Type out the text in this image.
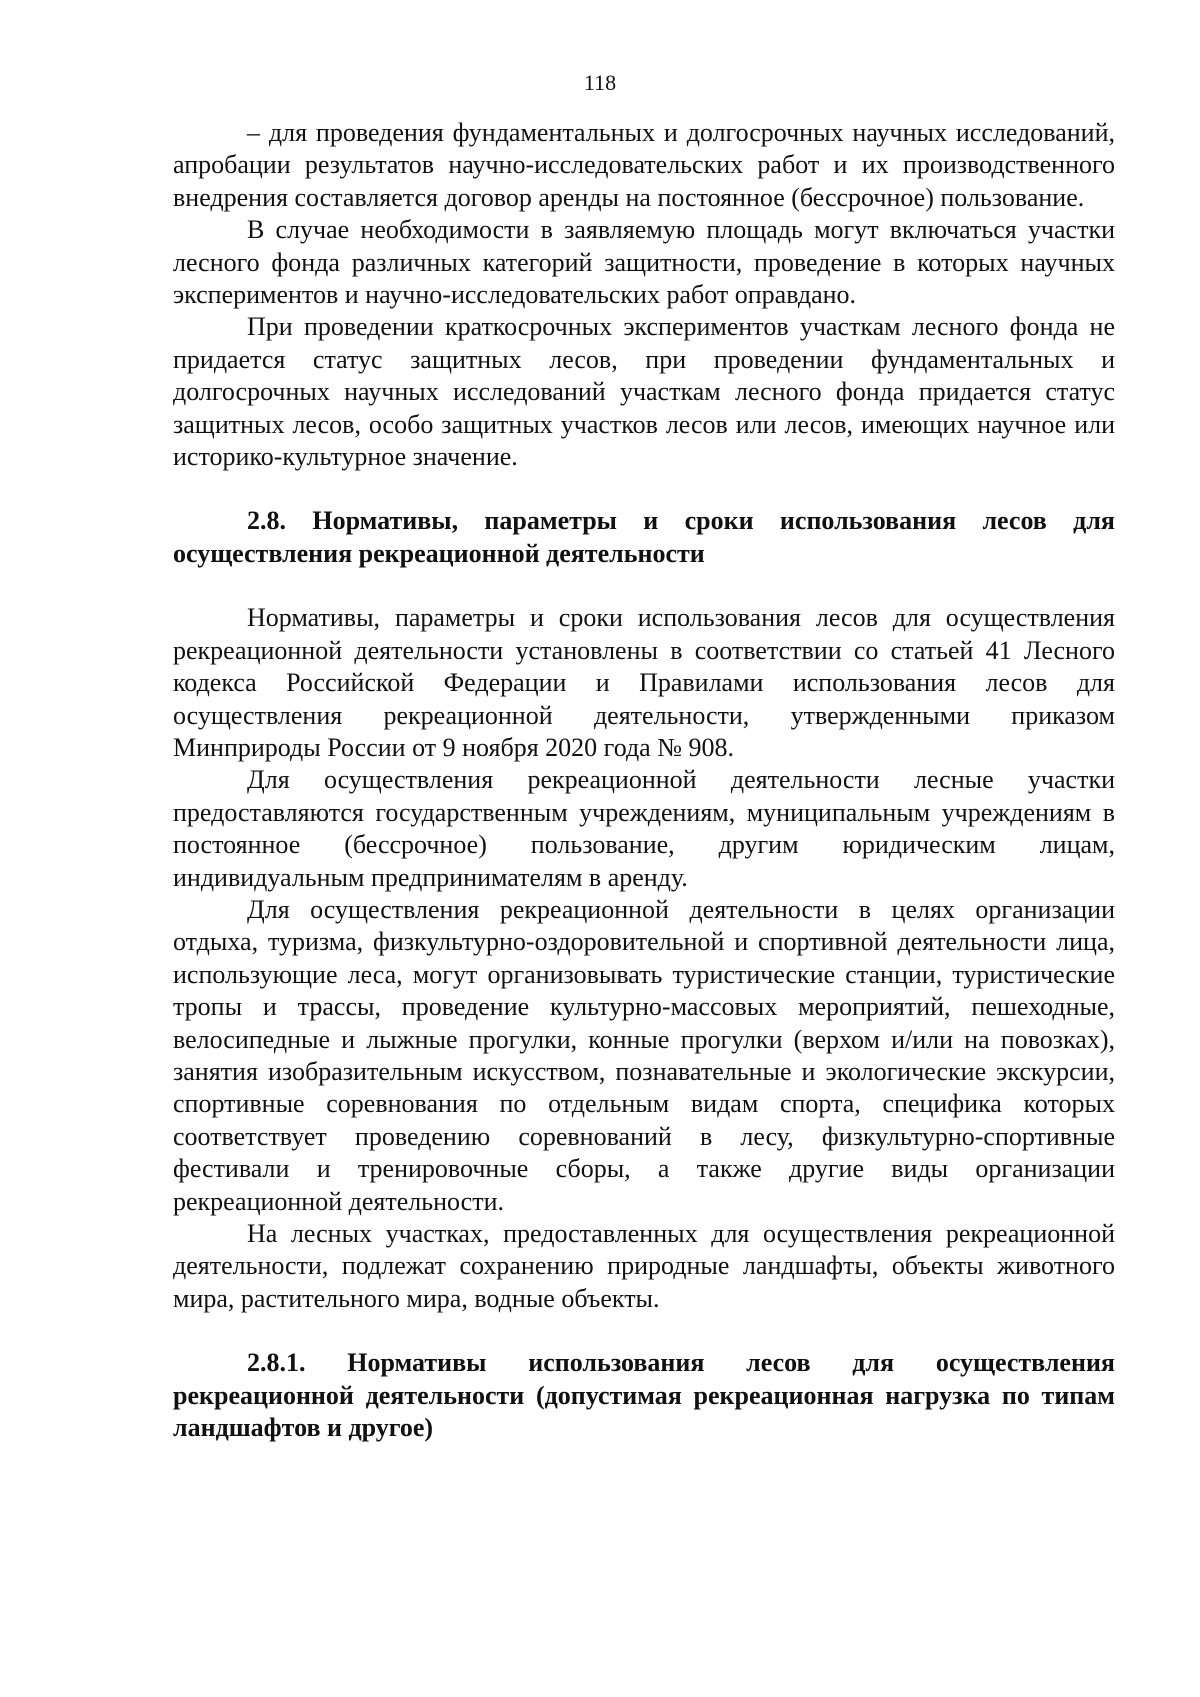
118

– для проведения фундаментальных и долгосрочных научных исследований, апробации результатов научно-исследовательских работ и их производственного внедрения составляется договор аренды на постоянное (бессрочное) пользование.

В случае необходимости в заявляемую площадь могут включаться участки лесного фонда различных категорий защитности, проведение в которых научных экспериментов и научно-исследовательских работ оправдано.

При проведении краткосрочных экспериментов участкам лесного фонда не придается статус защитных лесов, при проведении фундаментальных и долгосрочных научных исследований участкам лесного фонда придается статус защитных лесов, особо защитных участков лесов или лесов, имеющих научное или историко-культурное значение.

2.8. Нормативы, параметры и сроки использования лесов для осуществления рекреационной деятельности

Нормативы, параметры и сроки использования лесов для осуществления рекреационной деятельности установлены в соответствии со статьей 41 Лесного кодекса Российской Федерации и Правилами использования лесов для осуществления рекреационной деятельности, утвержденными приказом Минприроды России от 9 ноября 2020 года № 908.

Для осуществления рекреационной деятельности лесные участки предоставляются государственным учреждениям, муниципальным учреждениям в постоянное (бессрочное) пользование, другим юридическим лицам, индивидуальным предпринимателям в аренду.

Для осуществления рекреационной деятельности в целях организации отдыха, туризма, физкультурно-оздоровительной и спортивной деятельности лица, использующие леса, могут организовывать туристические станции, туристические тропы и трассы, проведение культурно-массовых мероприятий, пешеходные, велосипедные и лыжные прогулки, конные прогулки (верхом и/или на повозках), занятия изобразительным искусством, познавательные и экологические экскурсии, спортивные соревнования по отдельным видам спорта, специфика которых соответствует проведению соревнований в лесу, физкультурно-спортивные фестивали и тренировочные сборы, а также другие виды организации рекреационной деятельности.

На лесных участках, предоставленных для осуществления рекреационной деятельности, подлежат сохранению природные ландшафты, объекты животного мира, растительного мира, водные объекты.

2.8.1. Нормативы использования лесов для осуществления рекреационной деятельности (допустимая рекреационная нагрузка по типам ландшафтов и другое)
